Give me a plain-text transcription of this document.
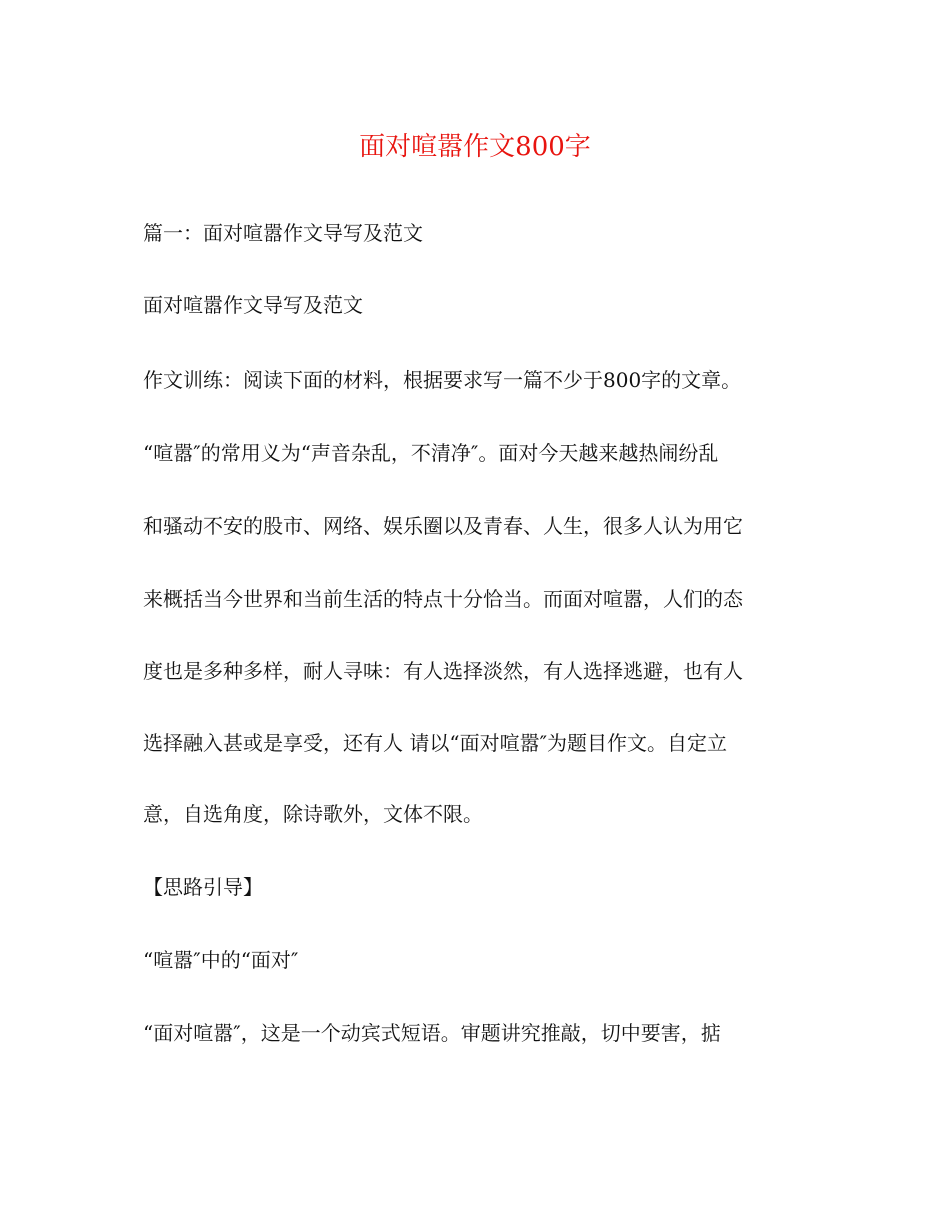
面对喧嚣作文800字
篇一：面对喧嚣作文导写及范文
面对喧嚣作文导写及范文
作文训练：阅读下面的材料，根据要求写一篇不少于800字的文章。
“喧嚣″的常用义为“声音杂乱，不清净″。面对今天越来越热闹纷乱
和骚动不安的股市、网络、娱乐圈以及青春、人生，很多人认为用它
来概括当今世界和当前生活的特点十分恰当。而面对喧嚣，人们的态
度也是多种多样，耐人寻味：有人选择淡然，有人选择逃避，也有人
选择融入甚或是享受，还有人 请以“面对喧嚣″为题目作文。自定立
意，自选角度，除诗歌外，文体不限。
【思路引导】
“喧嚣″中的“面对″
“面对喧嚣″，这是一个动宾式短语。审题讲究推敲，切中要害，掂
